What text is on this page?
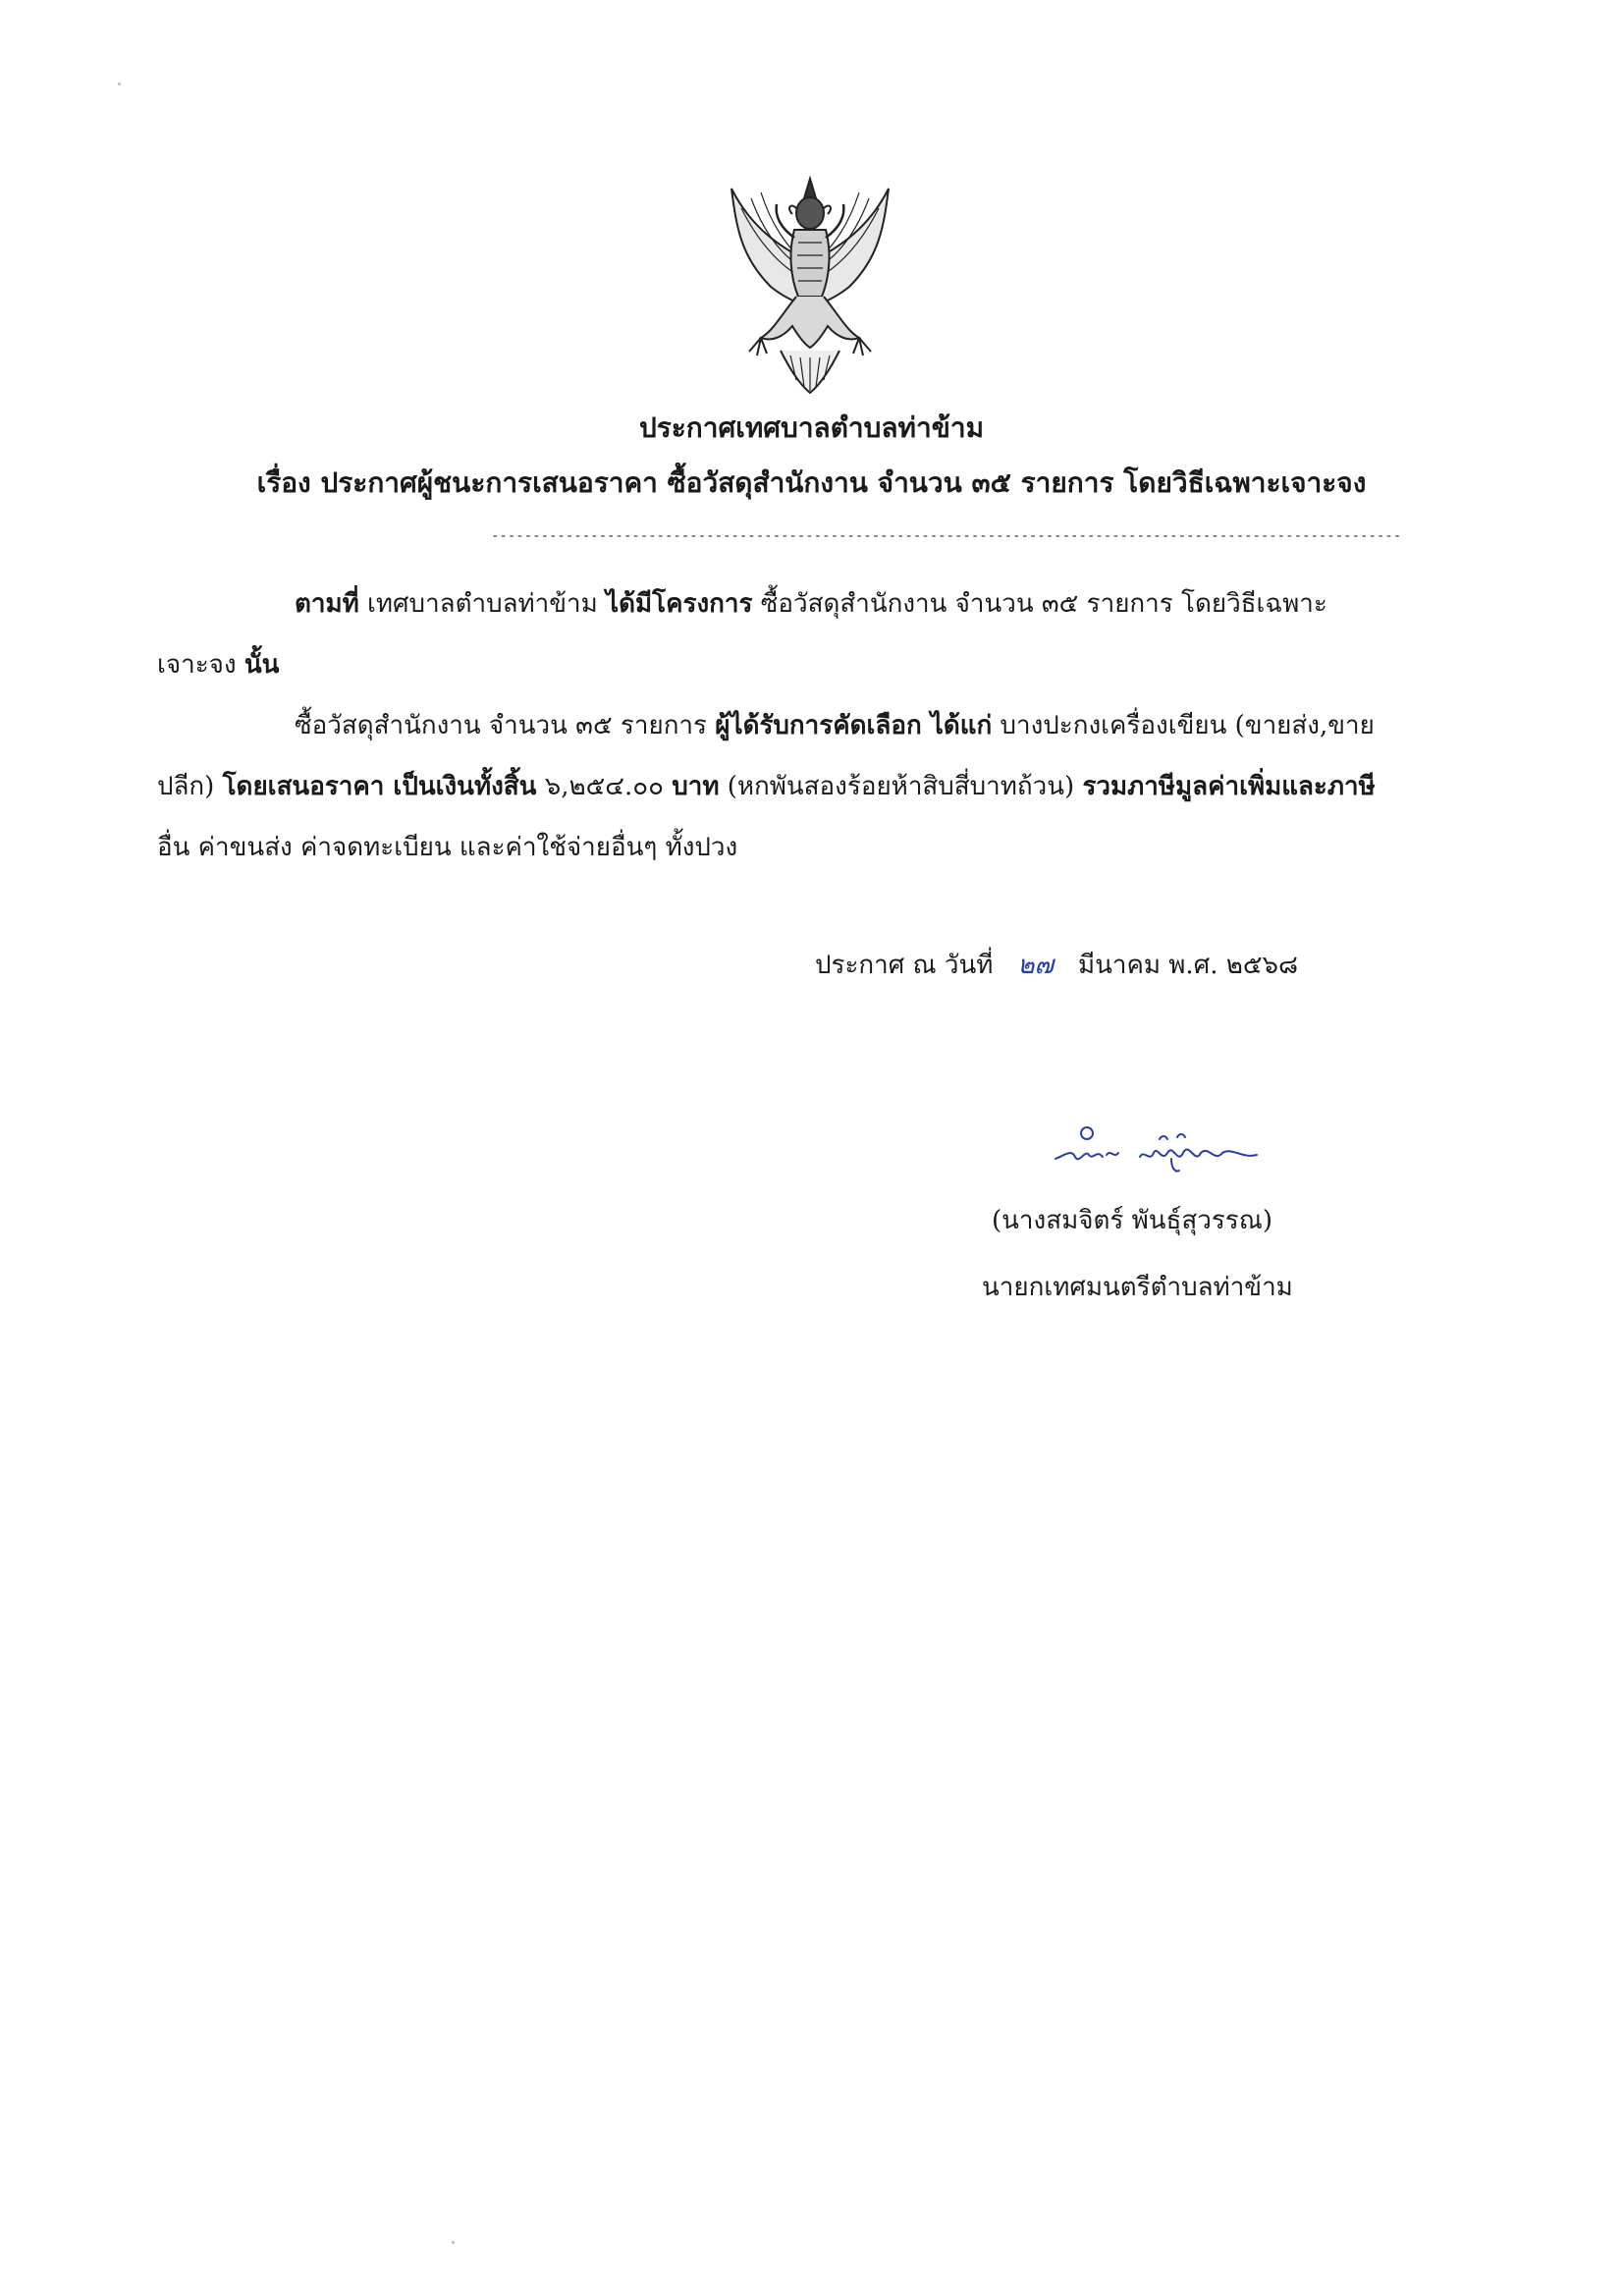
ประกาศเทศบาลตำบลท่าข้าม
เรื่อง ประกาศผู้ชนะการเสนอราคา ซื้อวัสดุสำนักงาน จำนวน ๓๕ รายการ โดยวิธีเฉพาะเจาะจง
--------------------------------------------------------------------------------------------------------------
ตามที่ เทศบาลตำบลท่าข้าม ได้มีโครงการ ซื้อวัสดุสำนักงาน จำนวน ๓๕ รายการ โดยวิธีเฉพาะ
เจาะจง นั้น
ซื้อวัสดุสำนักงาน จำนวน ๓๕ รายการ ผู้ได้รับการคัดเลือก ได้แก่ บางปะกงเครื่องเขียน (ขายส่ง,ขาย
ปลีก) โดยเสนอราคา เป็นเงินทั้งสิ้น ๖,๒๕๔.๐๐ บาท (หกพันสองร้อยห้าสิบสี่บาทถ้วน) รวมภาษีมูลค่าเพิ่มและภาษี
อื่น ค่าขนส่ง ค่าจดทะเบียน และค่าใช้จ่ายอื่นๆ ทั้งปวง
ประกาศ ณ วันที่ ๒๗ มีนาคม พ.ศ. ๒๕๖๘
(นางสมจิตร์ พันธุ์สุวรรณ)
นายกเทศมนตรีตำบลท่าข้าม
